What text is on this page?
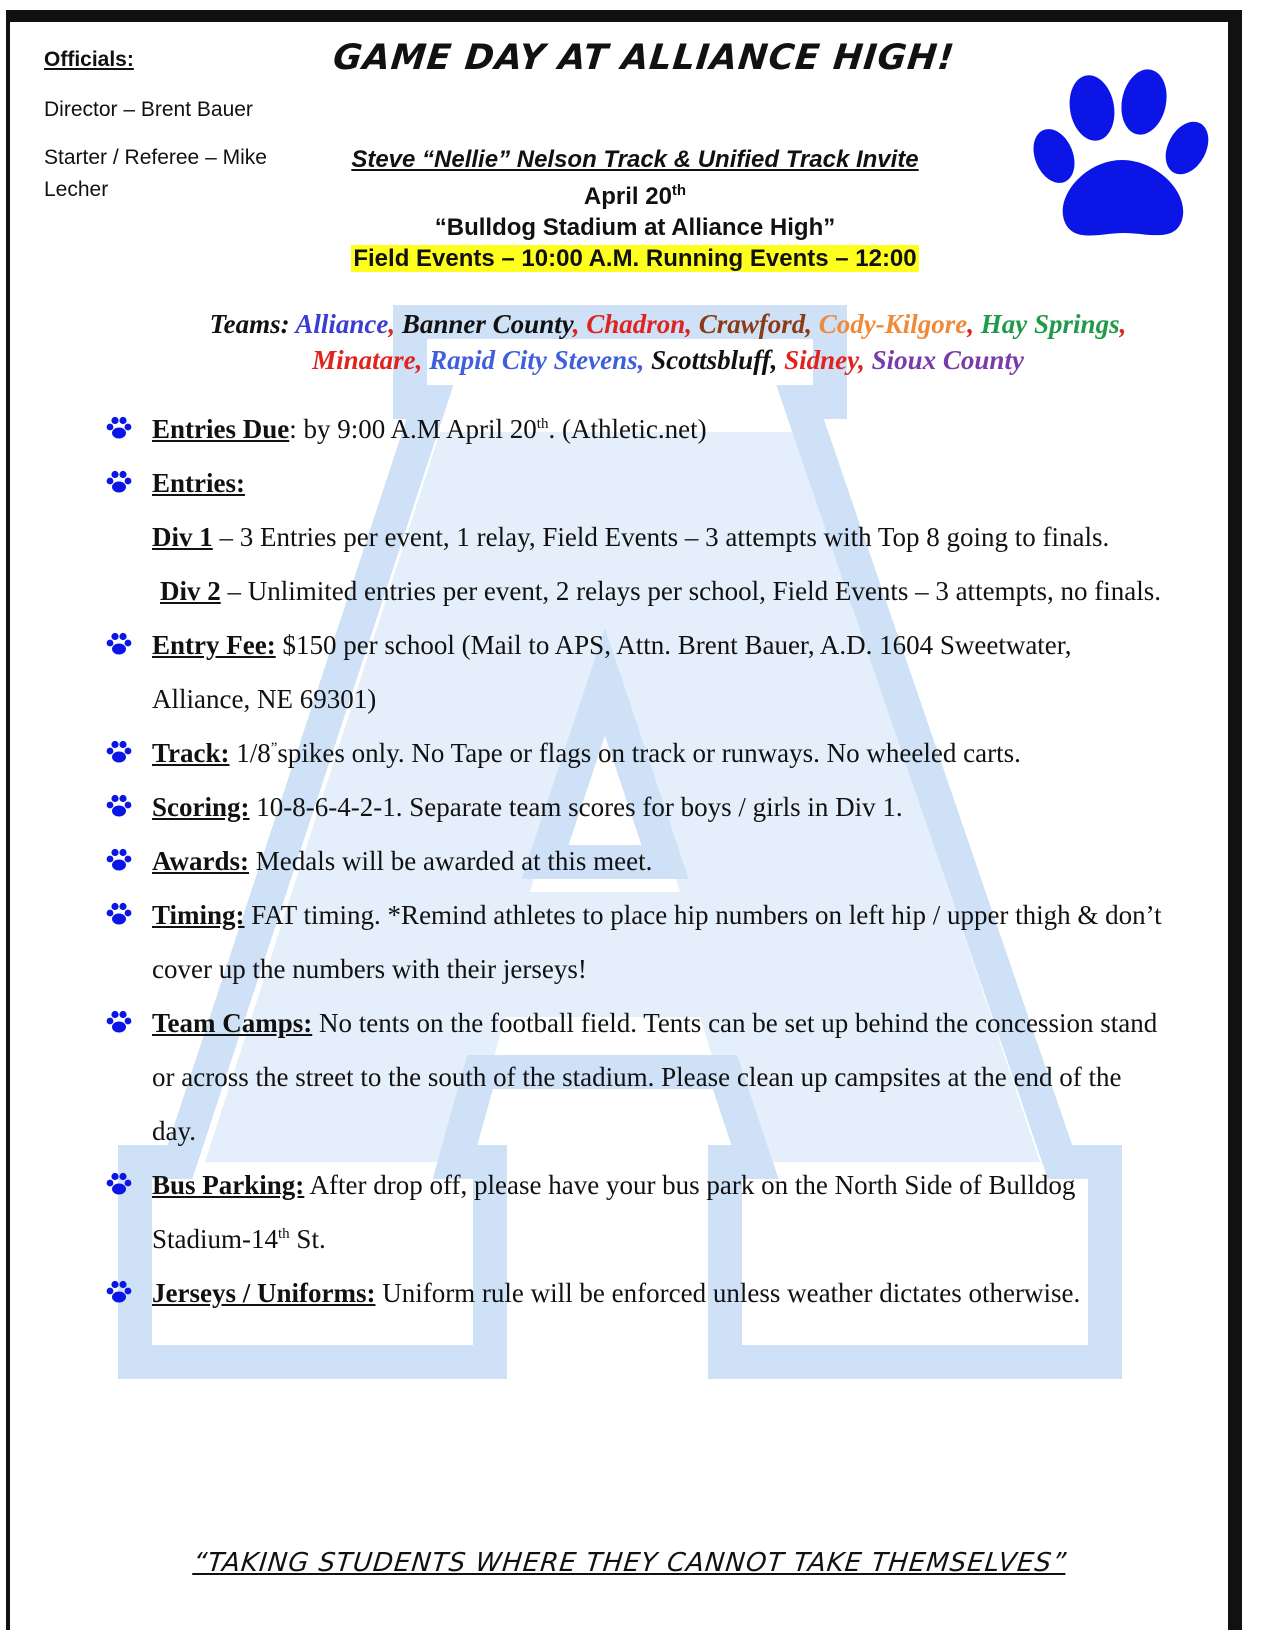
Officials:
Director – Brent Bauer
Starter / Referee – Mike Lecher
GAME DAY AT ALLIANCE HIGH!
Steve “Nellie” Nelson Track & Unified Track Invite
April 20th
“Bulldog Stadium at Alliance High”
Field Events – 10:00 A.M. Running Events – 12:00
Teams: Alliance, Banner County, Chadron, Crawford, Cody-Kilgore, Hay Springs, Minatare, Rapid City Stevens, Scottsbluff, Sidney, Sioux County
Entries Due: by 9:00 A.M April 20th. (Athletic.net)
Entries:
Div 1 – 3 Entries per event, 1 relay, Field Events – 3 attempts with Top 8 going to finals.
Div 2 – Unlimited entries per event, 2 relays per school, Field Events – 3 attempts, no finals.
Entry Fee: $150 per school (Mail to APS, Attn. Brent Bauer, A.D. 1604 Sweetwater, Alliance, NE 69301)
Track: 1/8”spikes only. No Tape or flags on track or runways. No wheeled carts.
Scoring: 10-8-6-4-2-1. Separate team scores for boys / girls in Div 1.
Awards: Medals will be awarded at this meet.
Timing: FAT timing. *Remind athletes to place hip numbers on left hip / upper thigh & don’t cover up the numbers with their jerseys!
Team Camps: No tents on the football field. Tents can be set up behind the concession stand or across the street to the south of the stadium. Please clean up campsites at the end of the day.
Bus Parking: After drop off, please have your bus park on the North Side of Bulldog Stadium-14th St.
Jerseys / Uniforms: Uniform rule will be enforced unless weather dictates otherwise.
“TAKING STUDENTS WHERE THEY CANNOT TAKE THEMSELVES”
